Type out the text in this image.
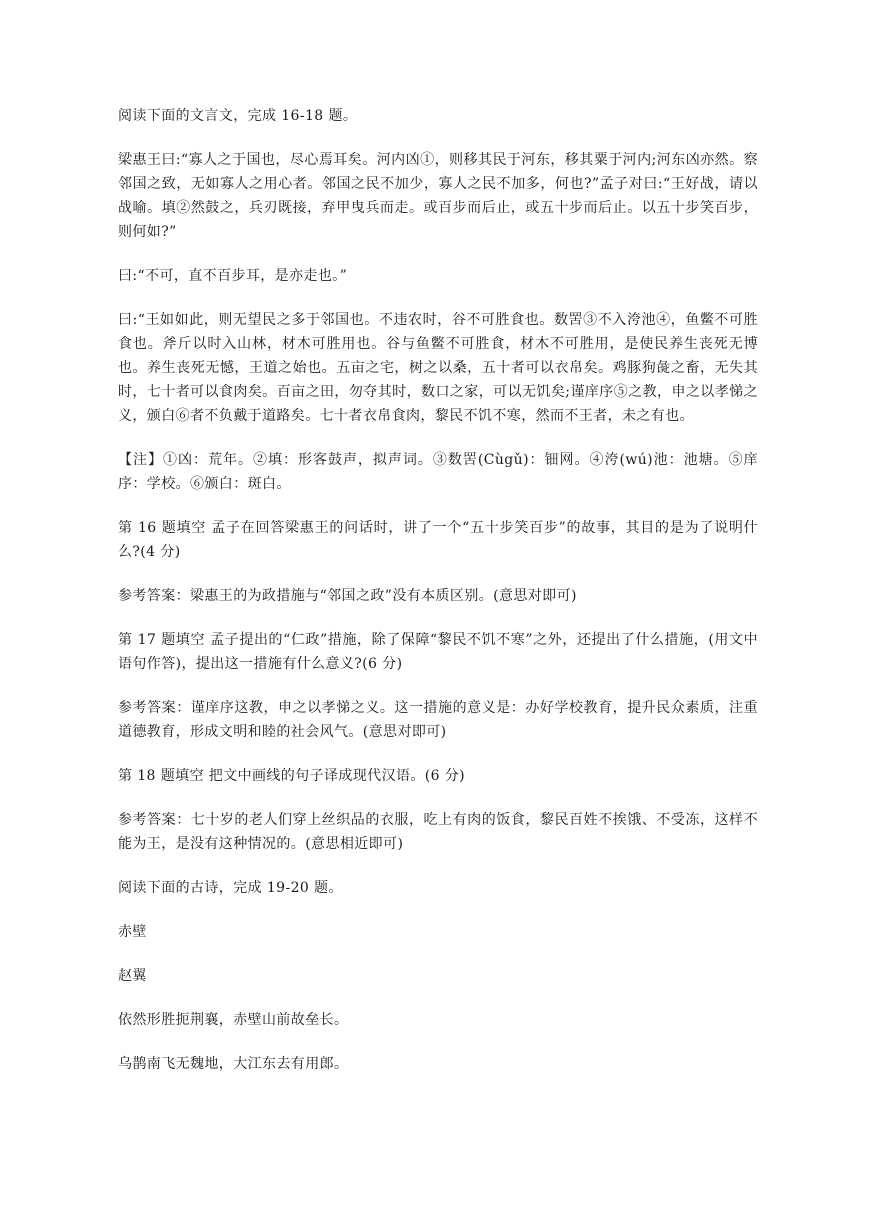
阅读下面的文言文，完成 16-18 题。

梁惠王曰:“寡人之于国也，尽心焉耳矣。河内凶①，则移其民于河东，移其粟于河内;河东凶亦然。察邻国之致，无如寡人之用心者。邻国之民不加少，寡人之民不加多，何也?”孟子对曰:“王好战，请以战喻。填②然鼓之，兵刃既接，弃甲曳兵而走。或百步而后止，或五十步而后止。以五十步笑百步，则何如?”

曰:“不可，直不百步耳，是亦走也。”

曰:“王如如此，则无望民之多于邻国也。不违农时，谷不可胜食也。数罟③不入洿池④，鱼鳖不可胜食也。斧斤以时入山林，材木可胜用也。谷与鱼鳖不可胜食，材木不可胜用，是使民养生丧死无博也。养生丧死无憾，王道之始也。五亩之宅，树之以桑，五十者可以衣帛矣。鸡豚狗彘之畜，无失其时，七十者可以食肉矣。百亩之田，勿夺其时，数口之家，可以无饥矣;谨庠序⑤之教，申之以孝悌之义，颁白⑥者不负戴于道路矣。七十者衣帛食肉，黎民不饥不寒，然而不王者，未之有也。

【注】①凶：荒年。②填：形客鼓声，拟声词。③数罟(Cùgǔ)：钿网。④洿(wú)池：池塘。⑤庠序：学校。⑥颁白：斑白。

第 16 题填空 孟子在回答梁惠王的问话时，讲了一个“五十步笑百步”的故事，其目的是为了说明什么?(4 分)

参考答案：梁惠王的为政措施与“邻国之政”没有本质区别。(意思对即可)

第 17 题填空 孟子提出的“仁政”措施，除了保障“黎民不饥不寒”之外，还提出了什么措施，(用文中语句作答)，提出这一措施有什么意义?(6 分)

参考答案：谨庠序这教，申之以孝悌之义。这一措施的意义是：办好学校教育，提升民众素质，注重道德教育，形成文明和睦的社会风气。(意思对即可)

第 18 题填空 把文中画线的句子译成现代汉语。(6 分)

参考答案：七十岁的老人们穿上丝织品的衣服，吃上有肉的饭食，黎民百姓不挨饿、不受冻，这样不能为王，是没有这种情况的。(意思相近即可)

阅读下面的古诗，完成 19-20 题。

赤壁

赵翼

依然形胜扼荆襄，赤壁山前故垒长。

乌鹊南飞无魏地，大江东去有用郎。
